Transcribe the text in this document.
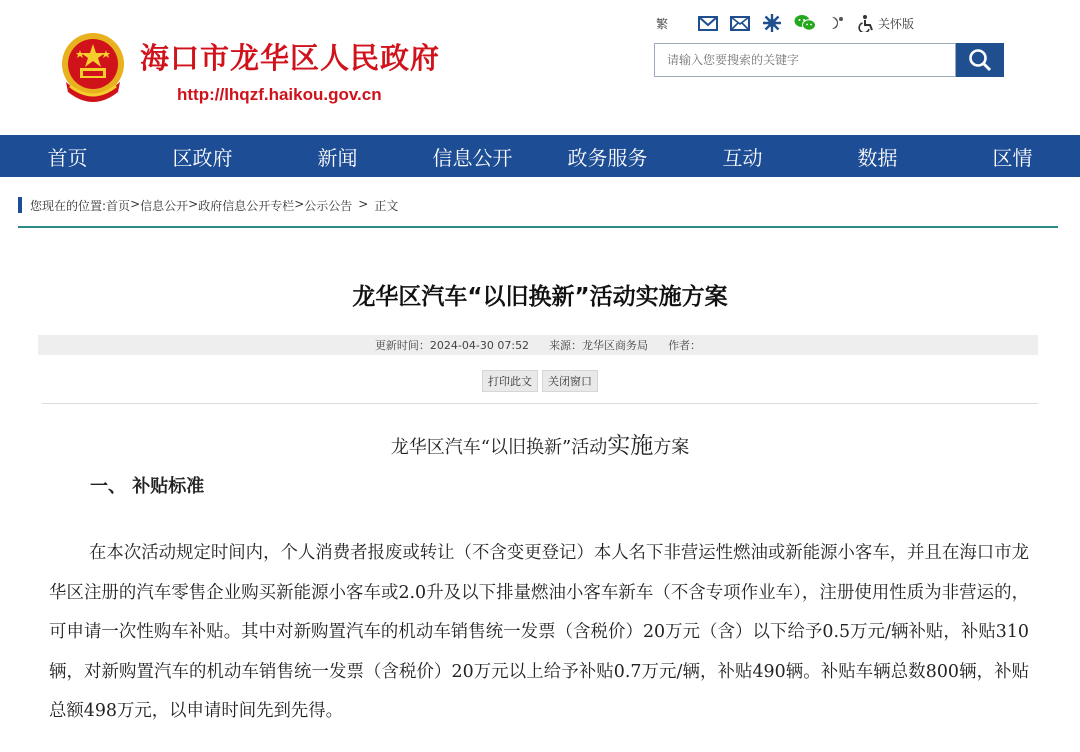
海口市龙华区人民政府
http://lhqzf.haikou.gov.cn
繁	关怀版
请输入您要搜索的关键字
首页	区政府	新闻	信息公开	政务服务	互动	数据	区情
您现在的位置: 首页 > 信息公开 > 政府信息公开专栏 > 公示公告 > 正文
龙华区汽车“以旧换新”活动实施方案
更新时间：2024-04-30 07:52 来源：龙华区商务局 作者：
打印此文	关闭窗口
龙华区汽车“以旧换新”活动实施方案
一、 补贴标准
在本次活动规定时间内，个人消费者报废或转让（不含变更登记）本人名下非营运性燃油或新能源小客车，并且在海口市龙华区注册的汽车零售企业购买新能源小客车或2.0升及以下排量燃油小客车新车（不含专项作业车），注册使用性质为非营运的，可申请一次性购车补贴。其中对新购置汽车的机动车销售统一发票（含税价）20万元（含）以下给予0.5万元/辆补贴，补贴310辆，对新购置汽车的机动车销售统一发票（含税价）20万元以上给予补贴0.7万元/辆，补贴490辆。补贴车辆总数800辆，补贴总额498万元，以申请时间先到先得。
